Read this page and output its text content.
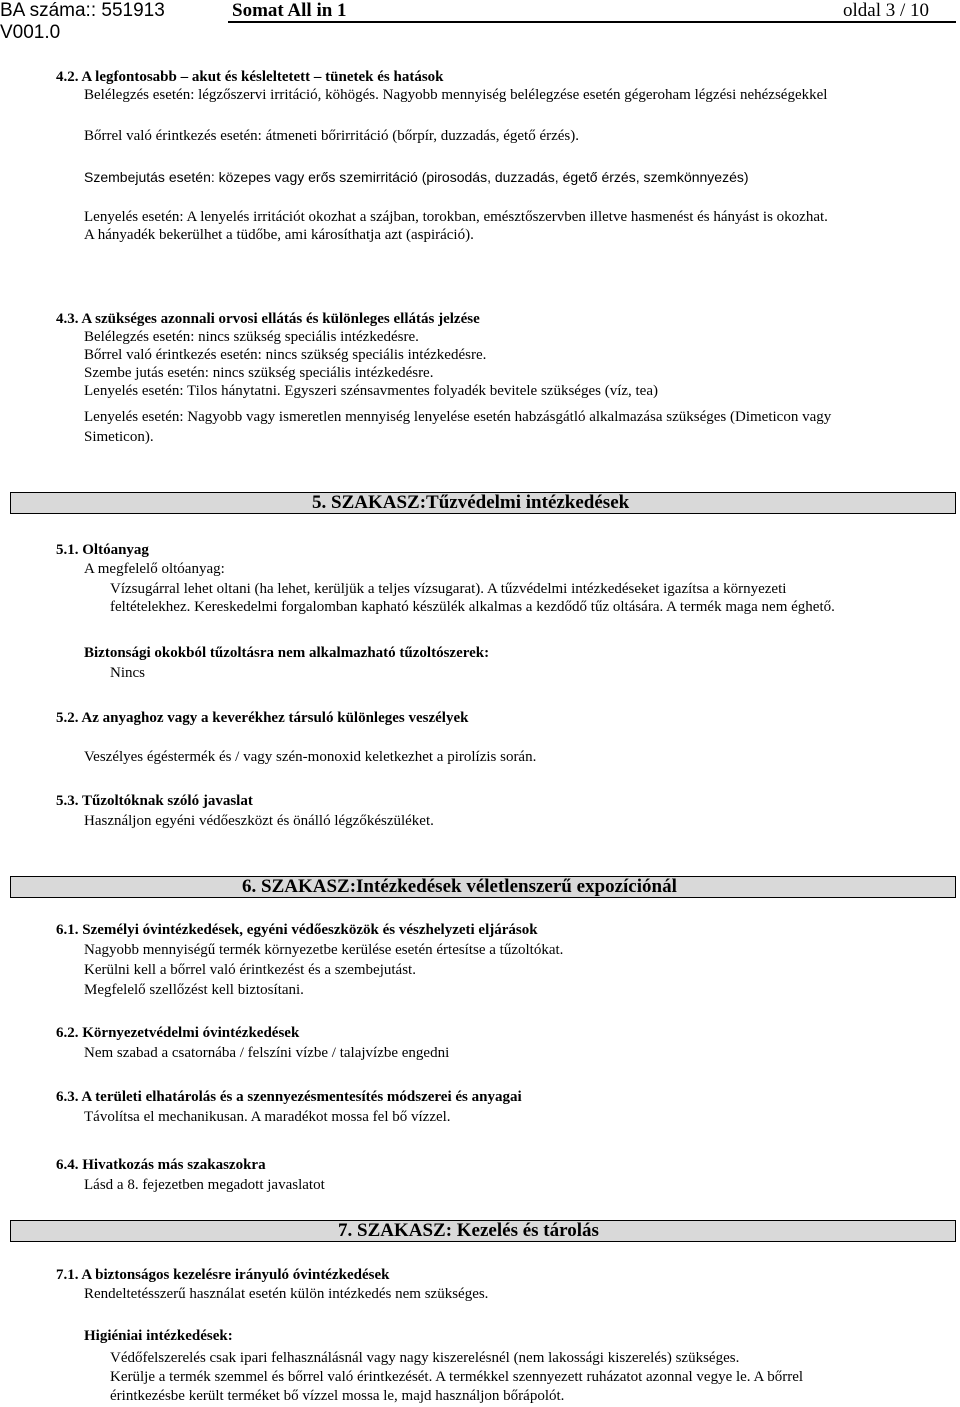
BA száma:: 551913
V001.0
Somat All in 1	oldal 3 / 10
4.2. A legfontosabb – akut és késleltetett – tünetek és hatások
Belélegzés esetén: légzőszervi irritáció, köhögés. Nagyobb mennyiség belélegzése esetén gégeroham légzési nehézségekkel
Bőrrel való érintkezés esetén: átmeneti bőrirritáció (bőrpír, duzzadás, égető érzés).
Szembejutás esetén: közepes vagy erős szemirritáció (pirosodás, duzzadás, égető érzés, szemkönnyezés)
Lenyelés esetén: A lenyelés irritációt okozhat a szájban, torokban, emésztőszervben illetve hasmenést és hányást is okozhat.
A hányadék bekerülhet a tüdőbe, ami károsíthatja azt (aspiráció).
4.3. A szükséges azonnali orvosi ellátás és különleges ellátás jelzése
Belélegzés esetén: nincs szükség speciális intézkedésre.
Bőrrel való érintkezés esetén: nincs szükség speciális intézkedésre.
Szembe jutás esetén: nincs szükség speciális intézkedésre.
Lenyelés esetén: Tilos hánytatni. Egyszeri szénsavmentes folyadék bevitele szükséges (víz, tea)
Lenyelés esetén: Nagyobb vagy ismeretlen mennyiség lenyelése esetén habzásgátló alkalmazása szükséges (Dimeticon vagy
Simeticon).
5. SZAKASZ:Tűzvédelmi intézkedések
5.1. Oltóanyag
A megfelelő oltóanyag:
Vízsugárral lehet oltani (ha lehet, kerüljük a teljes vízsugarat). A tűzvédelmi intézkedéseket igazítsa a környezeti
feltételekhez. Kereskedelmi forgalomban kapható készülék alkalmas a kezdődő tűz oltására. A termék maga nem éghető.
Biztonsági okokból tűzoltásra nem alkalmazható tűzoltószerek:
Nincs
5.2. Az anyaghoz vagy a keverékhez társuló különleges veszélyek
Veszélyes égéstermék és / vagy szén-monoxid keletkezhet a pirolízis során.
5.3. Tűzoltóknak szóló javaslat
Használjon egyéni védőeszközt és önálló légzőkészüléket.
6. SZAKASZ:Intézkedések véletlenszerű expozíciónál
6.1. Személyi óvintézkedések, egyéni védőeszközök és vészhelyzeti eljárások
Nagyobb mennyiségű termék környezetbe kerülése esetén értesítse a tűzoltókat.
Kerülni kell a bőrrel való érintkezést és a szembejutást.
Megfelelő szellőzést kell biztosítani.
6.2. Környezetvédelmi óvintézkedések
Nem szabad a csatornába / felszíni vízbe / talajvízbe engedni
6.3. A területi elhatárolás és a szennyezésmentesítés módszerei és anyagai
Távolítsa el mechanikusan. A maradékot mossa fel bő vízzel.
6.4. Hivatkozás más szakaszokra
Lásd a 8. fejezetben megadott javaslatot
7. SZAKASZ: Kezelés és tárolás
7.1. A biztonságos kezelésre irányuló óvintézkedések
Rendeltetésszerű használat esetén külön intézkedés nem szükséges.
Higiéniai intézkedések:
Védőfelszerelés csak ipari felhasználásnál vagy nagy kiszerelésnél (nem lakossági kiszerelés) szükséges.
Kerülje a termék szemmel és bőrrel való érintkezését. A termékkel szennyezett ruházatot azonnal vegye le. A bőrrel
érintkezésbe került terméket bő vízzel mossa le, majd használjon bőrápolót.
